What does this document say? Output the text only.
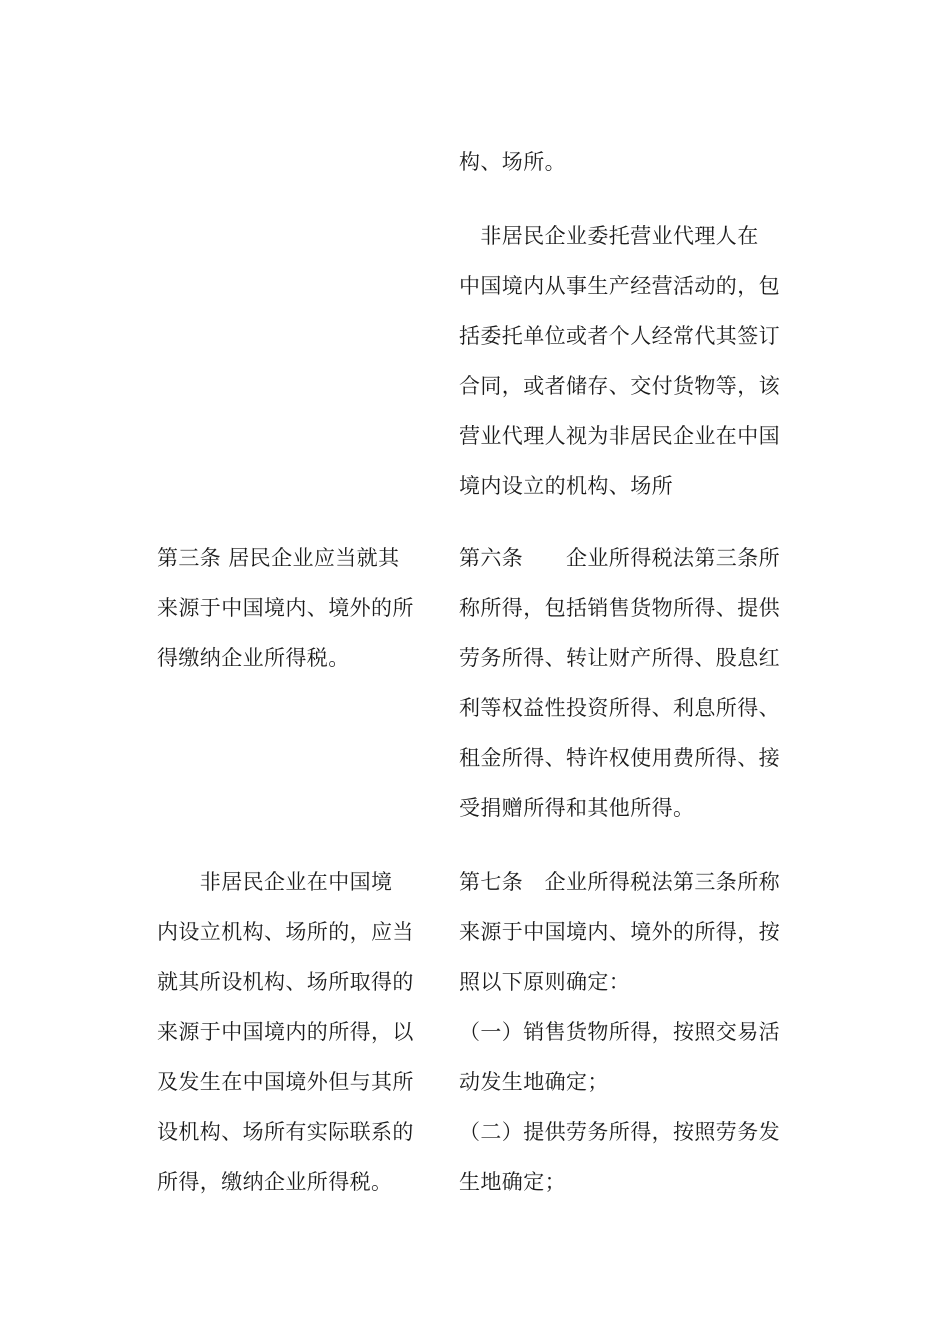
构、场所。
　非居民企业委托营业代理人在
中国境内从事生产经营活动的，包
括委托单位或者个人经常代其签订
合同，或者储存、交付货物等，该
营业代理人视为非居民企业在中国
境内设立的机构、场所
第三条 居民企业应当就其
来源于中国境内、境外的所
得缴纳企业所得税。
第六条　　企业所得税法第三条所
称所得，包括销售货物所得、提供
劳务所得、转让财产所得、股息红
利等权益性投资所得、利息所得、
租金所得、特许权使用费所得、接
受捐赠所得和其他所得。
　　非居民企业在中国境
内设立机构、场所的，应当
就其所设机构、场所取得的
来源于中国境内的所得，以
及发生在中国境外但与其所
设机构、场所有实际联系的
所得，缴纳企业所得税。
第七条　企业所得税法第三条所称
来源于中国境内、境外的所得，按
照以下原则确定：
（一）销售货物所得，按照交易活
动发生地确定；
（二）提供劳务所得，按照劳务发
生地确定；
